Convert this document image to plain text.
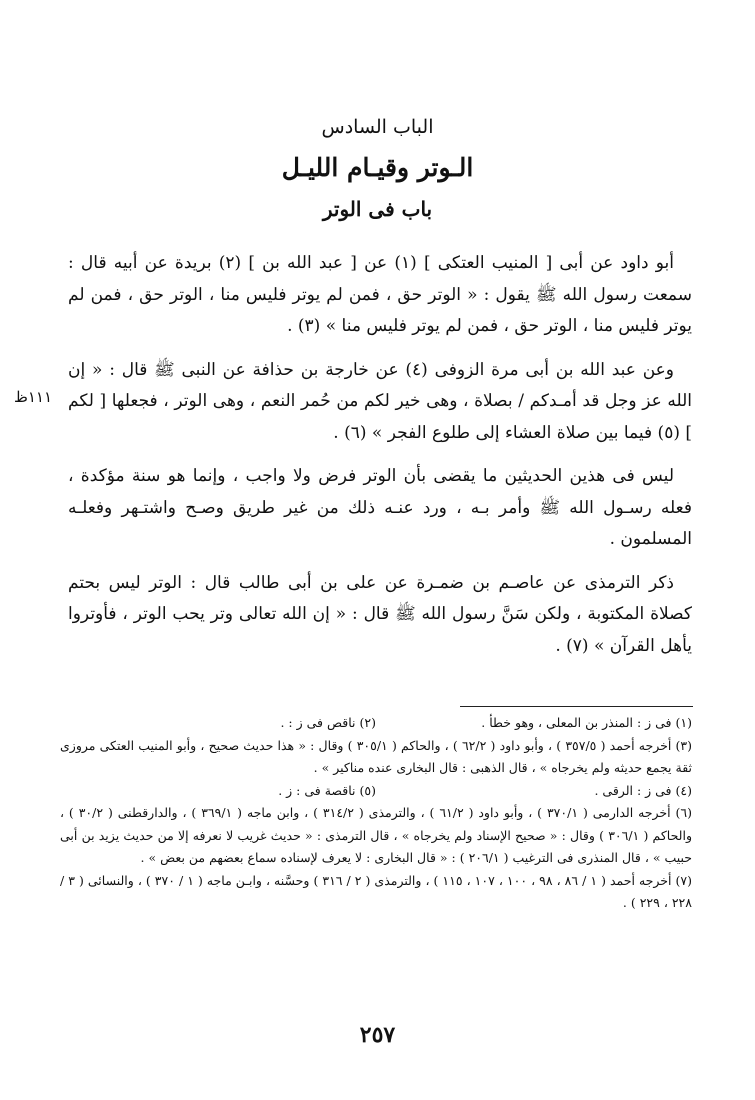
الباب السادس
الـوتر وقيـام الليـل
باب فى الوتر

أبو داود عن أبى [ المنيب العتكى ] (١) عن [ عبد الله بن ] (٢) بريدة عن أبيه قال : سمعت رسول الله ﷺ يقول : « الوتر حق ، فمن لم يوتر فليس منا ، الوتر حق ، فمن لم يوتر فليس منا ، الوتر حق ، فمن لم يوتر فليس منا » (٣) .

وعن عبد الله بن أبى مرة الزوفى (٤) عن خارجة بن حذافة عن النبى ﷺ قال : « إن الله عز وجل قد أمـدكم / بصلاة ، وهى خير لكم من حُمر النعم ، وهى الوتر ، فجعلها [ لكم ] (٥) فيما بين صلاة العشاء إلى طلوع الفجر » (٦) .

ليس فى هذين الحديثين ما يقضى بأن الوتر فرض ولا واجب ، وإنما هو سنة مؤكدة ، فعله رسـول الله ﷺ وأمر بـه ، ورد عنـه ذلك من غير طريق وصـح واشتـهر وفعلـه المسلمون .

ذكر الترمذى عن عاصـم بن ضمـرة عن على بن أبى طالب قال : الوتر ليس بحتم كصلاة المكتوبة ، ولكن سَنَّ رسول الله ﷺ قال : « إن الله تعالى وتر يحب الوتر ، فأوتروا يأهل القرآن » (٧) .

١١١ظ
(١) فى ز : المنذر بن المعلى ، وهو خطأ .
(٢) ناقص فى ز : .
(٣) أخرجه أحمد ( ٣٥٧/٥ ) ، وأبو داود ( ٦٢/٢ ) ، والحاكم ( ٣٠٥/١ ) وقال : « هذا حديث صحيح ، وأبو المنيب العتكى مروزى ثقة يجمع حديثه ولم يخرجاه » ، قال الذهبى : قال البخارى عنده مناكير » .
(٤) فى ز : الرقى .
(٥) ناقصة فى : ز .
(٦) أخرجه الدارمى ( ٣٧٠/١ ) ، وأبو داود ( ٦١/٢ ) ، والترمذى ( ٣١٤/٢ ) ، وابن ماجه ( ٣٦٩/١ ) ، والدارقطنى ( ٣٠/٢ ) ، والحاكم ( ٣٠٦/١ ) وقال : « صحيح الإسناد ولم يخرجاه » ، قال الترمذى : « حديث غريب لا نعرفه إلا من حديث يزيد بن أبى حبيب » ، قال المنذرى فى الترغيب ( ٢٠٦/١ ) : « قال البخارى : لا يعرف لإسناده سماع بعضهم من بعض » .
(٧) أخرجه أحمد ( ١ / ٨٦ ، ٩٨ ، ١٠٠ ، ١٠٧ ، ١١٥ ) ، والترمذى ( ٢ / ٣١٦ ) وحسَّنه ، وابـن ماجه ( ١ / ٣٧٠ ) ، والنسائى ( ٣ / ٢٢٨ ، ٢٢٩ ) .
٢٥٧
